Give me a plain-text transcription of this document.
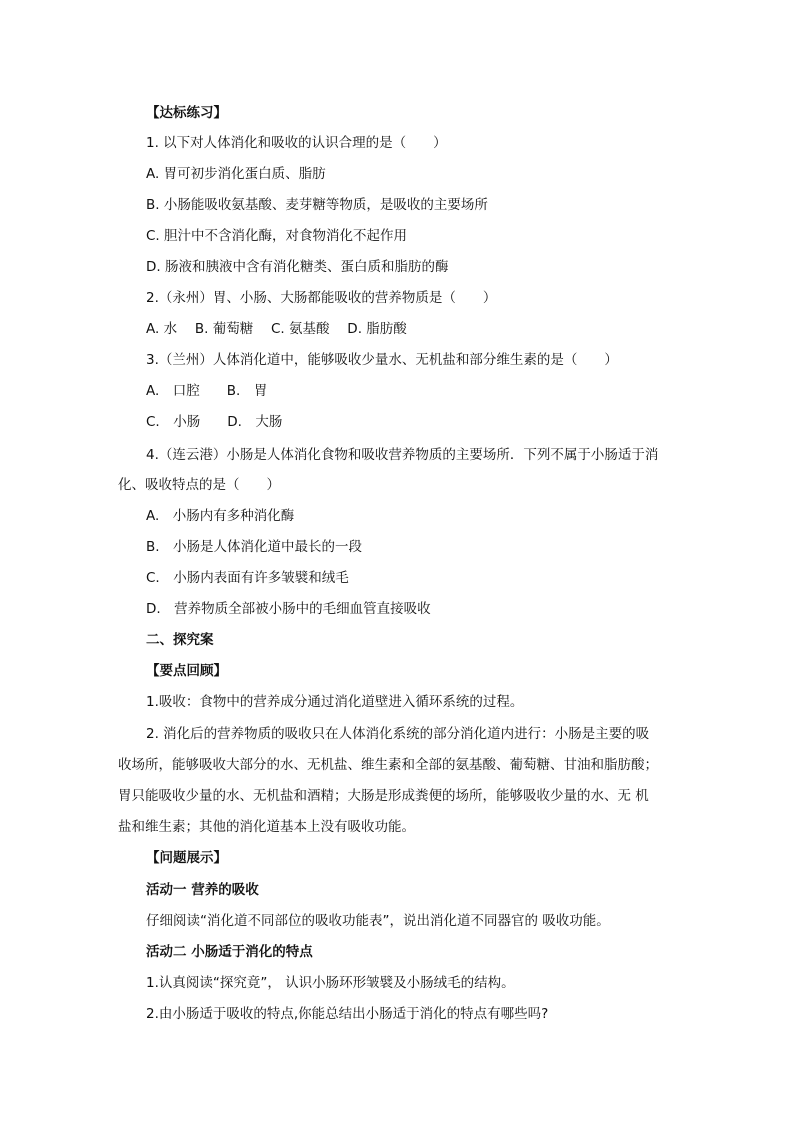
【达标练习】
1. 以下对人体消化和吸收的认识合理的是（　　）
A. 胃可初步消化蛋白质、脂肪
B. 小肠能吸收氨基酸、麦芽糖等物质，是吸收的主要场所
C. 胆汁中不含消化酶，对食物消化不起作用
D. 肠液和胰液中含有消化糖类、蛋白质和脂肪的酶
2.（永州）胃、小肠、大肠都能吸收的营养物质是（　　）
A. 水　 B. 葡萄糖　 C. 氨基酸　 D. 脂肪酸
3.（兰州）人体消化道中，能够吸收少量水、无机盐和部分维生素的是（　　）
A.　口腔　　B.　胃
C.　小肠　　D.　大肠
4.（连云港）小肠是人体消化食物和吸收营养物质的主要场所．下列不属于小肠适于消
化、吸收特点的是（　　）
A.　小肠内有多种消化酶
B.　小肠是人体消化道中最长的一段
C.　小肠内表面有许多皱襞和绒毛
D.　营养物质全部被小肠中的毛细血管直接吸收
二、探究案
【要点回顾】
1.吸收：食物中的营养成分通过消化道壁进入循环系统的过程。
2. 消化后的营养物质的吸收只在人体消化系统的部分消化道内进行：小肠是主要的吸
收场所，能够吸收大部分的水、无机盐、维生素和全部的氨基酸、葡萄糖、甘油和脂肪酸；
胃只能吸收少量的水、无机盐和酒精；大肠是形成粪便的场所，能够吸收少量的水、无 机
盐和维生素；其他的消化道基本上没有吸收功能。
【问题展示】
活动一 营养的吸收
仔细阅读“消化道不同部位的吸收功能表”，说出消化道不同器官的 吸收功能。
活动二 小肠适于消化的特点
1.认真阅读“探究竟”， 认识小肠环形皱襞及小肠绒毛的结构。
2.由小肠适于吸收的特点,你能总结出小肠适于消化的特点有哪些吗?
